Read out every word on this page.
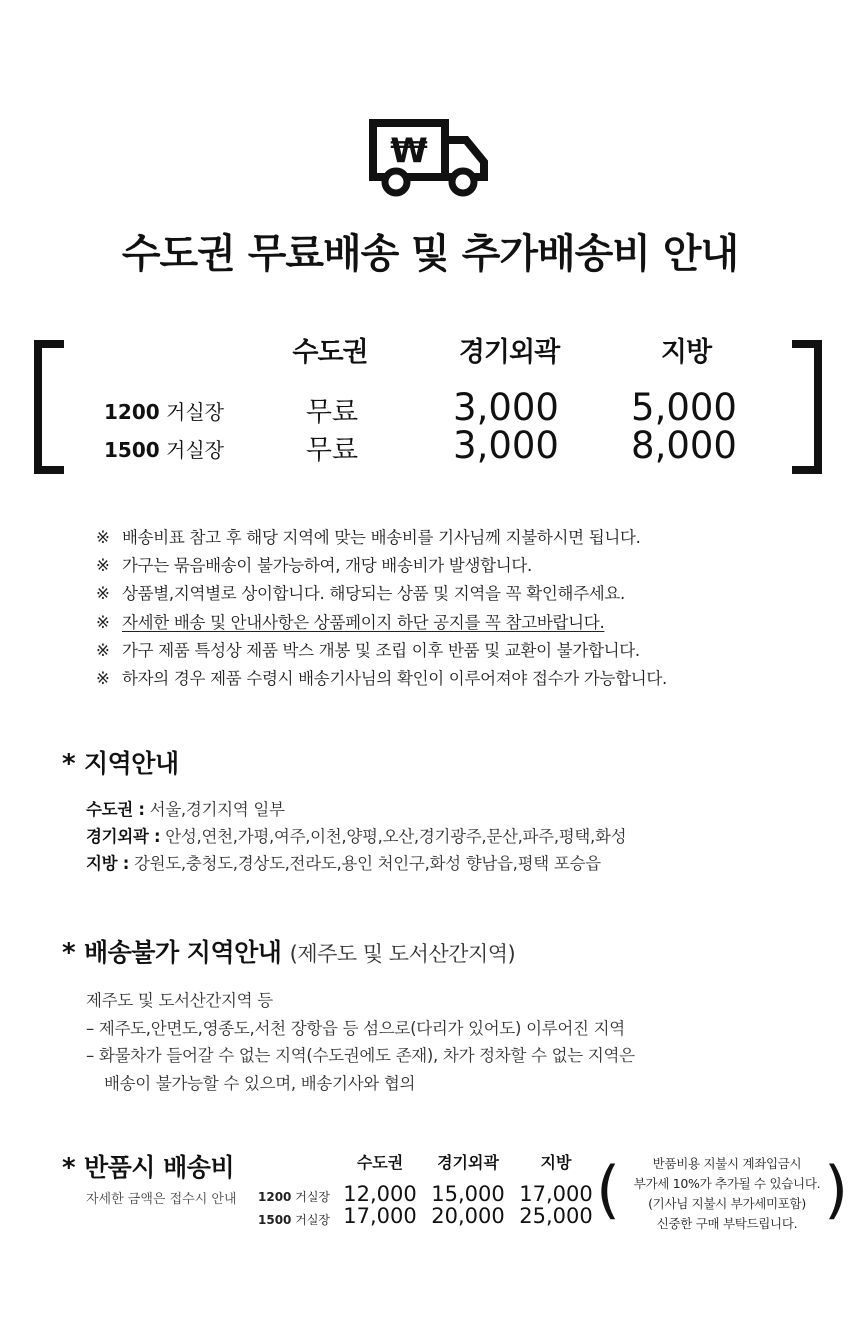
₩
수도권 무료배송 및 추가배송비 안내
수도권	경기외곽	지방
1200 거실장	무료	3,000	5,000
1500 거실장	무료	3,000	8,000
※ 배송비표 참고 후 해당 지역에 맞는 배송비를 기사님께 지불하시면 됩니다.
※ 가구는 묶음배송이 불가능하여, 개당 배송비가 발생합니다.
※ 상품별,지역별로 상이합니다. 해당되는 상품 및 지역을 꼭 확인해주세요.
※ 자세한 배송 및 안내사항은 상품페이지 하단 공지를 꼭 참고바랍니다.
※ 가구 제품 특성상 제품 박스 개봉 및 조립 이후 반품 및 교환이 불가합니다.
※ 하자의 경우 제품 수령시 배송기사님의 확인이 이루어져야 접수가 가능합니다.
* 지역안내
수도권 : 서울,경기지역 일부
경기외곽 : 안성,연천,가평,여주,이천,양평,오산,경기광주,문산,파주,평택,화성
지방 : 강원도,충청도,경상도,전라도,용인 처인구,화성 향남읍,평택 포승읍
* 배송불가 지역안내 (제주도 및 도서산간지역)
제주도 및 도서산간지역 등
– 제주도,안면도,영종도,서천 장항읍 등 섬으로(다리가 있어도) 이루어진 지역
– 화물차가 들어갈 수 없는 지역(수도권에도 존재), 차가 정차할 수 없는 지역은
배송이 불가능할 수 있으며, 배송기사와 협의
* 반품시 배송비
자세한 금액은 접수시 안내
수도권	경기외곽	지방
1200 거실장 12,000 15,000 17,000
1500 거실장 17,000 20,000 25,000 (	)
반품비용 지불시 계좌입금시
부가세 10%가 추가될 수 있습니다.
(기사님 지불시 부가세미포함)
신중한 구매 부탁드립니다.
